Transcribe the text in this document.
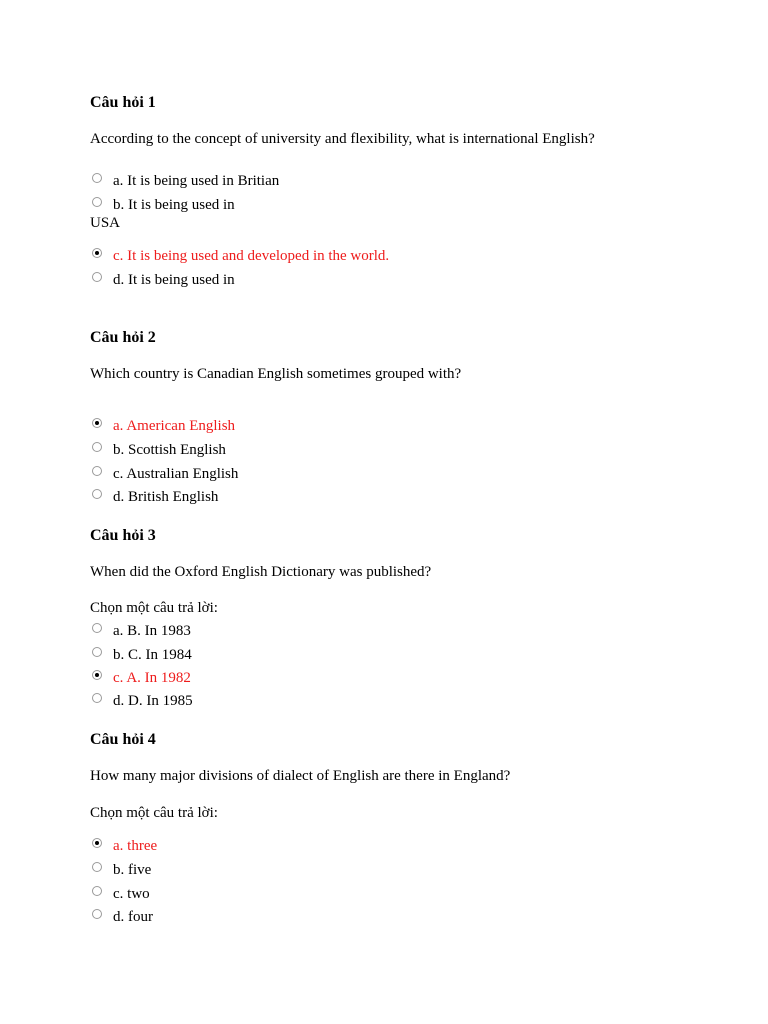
Câu hỏi 1
According to the concept of university and flexibility, what is international English?
a. It is being used in Britian
b. It is being used in
USA
c. It is being used and developed in the world.
d. It is being used in
Câu hỏi 2
Which country is Canadian English sometimes grouped with?
a. American English
b. Scottish English
c. Australian English
d. British English
Câu hỏi 3
When did the Oxford English Dictionary was published?
Chọn một câu trả lời:
a. B. In 1983
b. C. In 1984
c. A. In 1982
d. D. In 1985
Câu hỏi 4
How many major divisions of dialect of English are there in England?
Chọn một câu trả lời:
a. three
b. five
c. two
d. four
